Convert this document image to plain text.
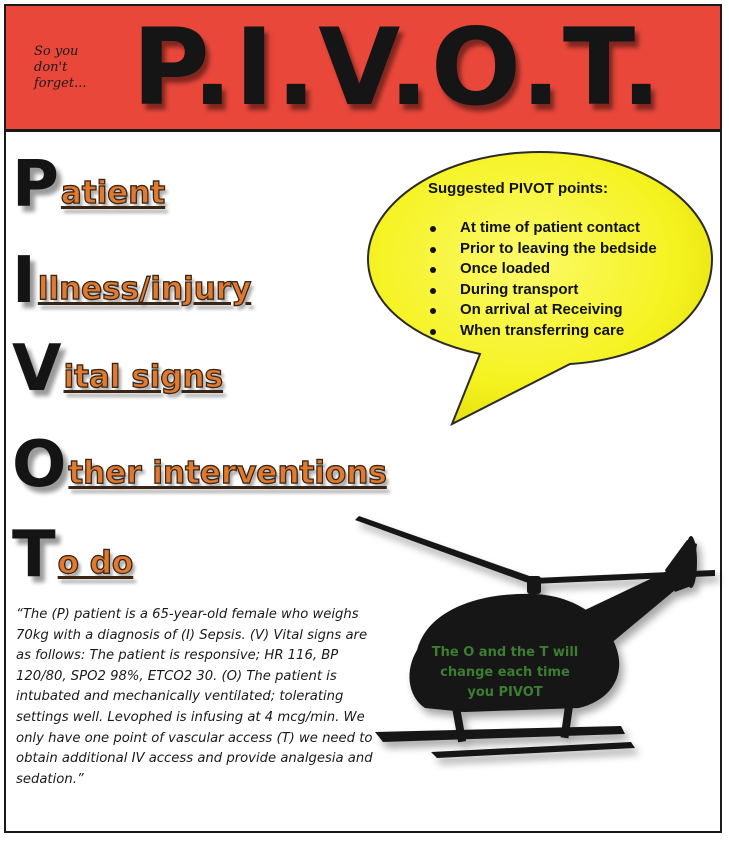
So you
don't
forget... P.I.V.O.T.
Patient
Illness/injury
Vital signs
Other interventions
To do

Suggested PIVOT points:

At time of patient contact
Prior to leaving the bedside
Once loaded
During transport
On arrival at Receiving
When transferring care

“The (P) patient is a 65-year-old female who weighs 70kg with a diagnosis of (I) Sepsis. (V) Vital signs are as follows: The patient is responsive; HR 116, BP 120/80, SPO2 98%, ETCO2 30. (O) The patient is intubated and mechanically ventilated; tolerating settings well. Levophed is infusing at 4 mcg/min. We only have one point of vascular access (T) we need to obtain additional IV access and provide analgesia and sedation.”

The O and the T will change each time you PIVOT
